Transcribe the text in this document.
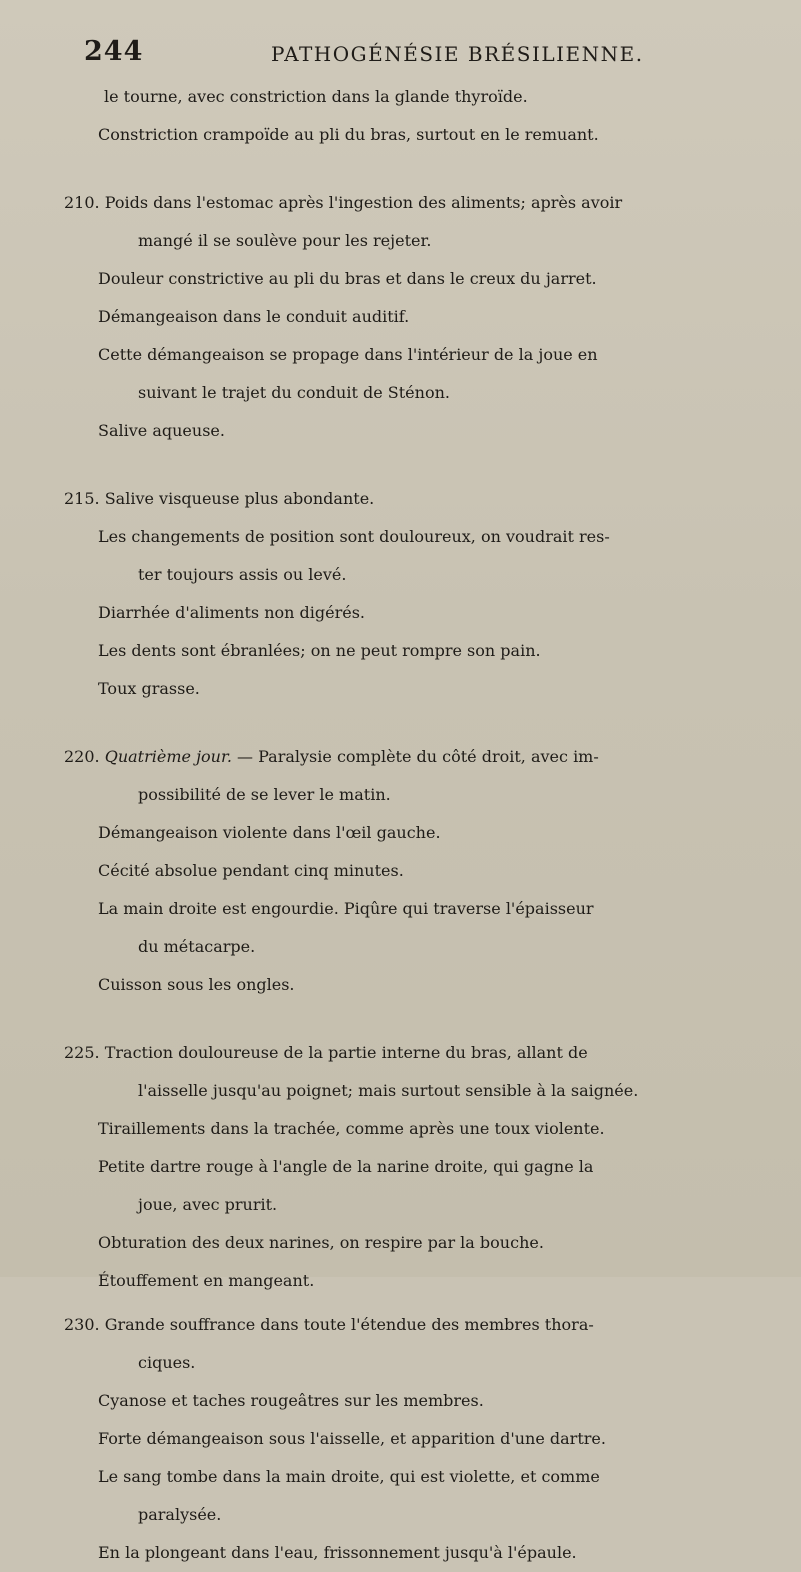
244	PATHOGÉNÉSIE BRÉSILIENNE.
le tourne, avec constriction dans la glande thyroïde.
Constriction crampoïde au pli du bras, surtout en le remuant.
210. Poids dans l'estomac après l'ingestion des aliments; après avoir
mangé il se soulève pour les rejeter.
Douleur constrictive au pli du bras et dans le creux du jarret.
Démangeaison dans le conduit auditif.
Cette démangeaison se propage dans l'intérieur de la joue en
suivant le trajet du conduit de Sténon.
Salive aqueuse.
215. Salive visqueuse plus abondante.
Les changements de position sont douloureux, on voudrait res-
ter toujours assis ou levé.
Diarrhée d'aliments non digérés.
Les dents sont ébranlées; on ne peut rompre son pain.
Toux grasse.
220. Quatrième jour. — Paralysie complète du côté droit, avec im-
possibilité de se lever le matin.
Démangeaison violente dans l'œil gauche.
Cécité absolue pendant cinq minutes.
La main droite est engourdie. Piqûre qui traverse l'épaisseur
du métacarpe.
Cuisson sous les ongles.
225. Traction douloureuse de la partie interne du bras, allant de
l'aisselle jusqu'au poignet; mais surtout sensible à la saignée.
Tiraillements dans la trachée, comme après une toux violente.
Petite dartre rouge à l'angle de la narine droite, qui gagne la
joue, avec prurit.
Obturation des deux narines, on respire par la bouche.
Étouffement en mangeant.
230. Grande souffrance dans toute l'étendue des membres thora-
ciques.
Cyanose et taches rougeâtres sur les membres.
Forte démangeaison sous l'aisselle, et apparition d'une dartre.
Le sang tombe dans la main droite, qui est violette, et comme
paralysée.
En la plongeant dans l'eau, frissonnement jusqu'à l'épaule.
